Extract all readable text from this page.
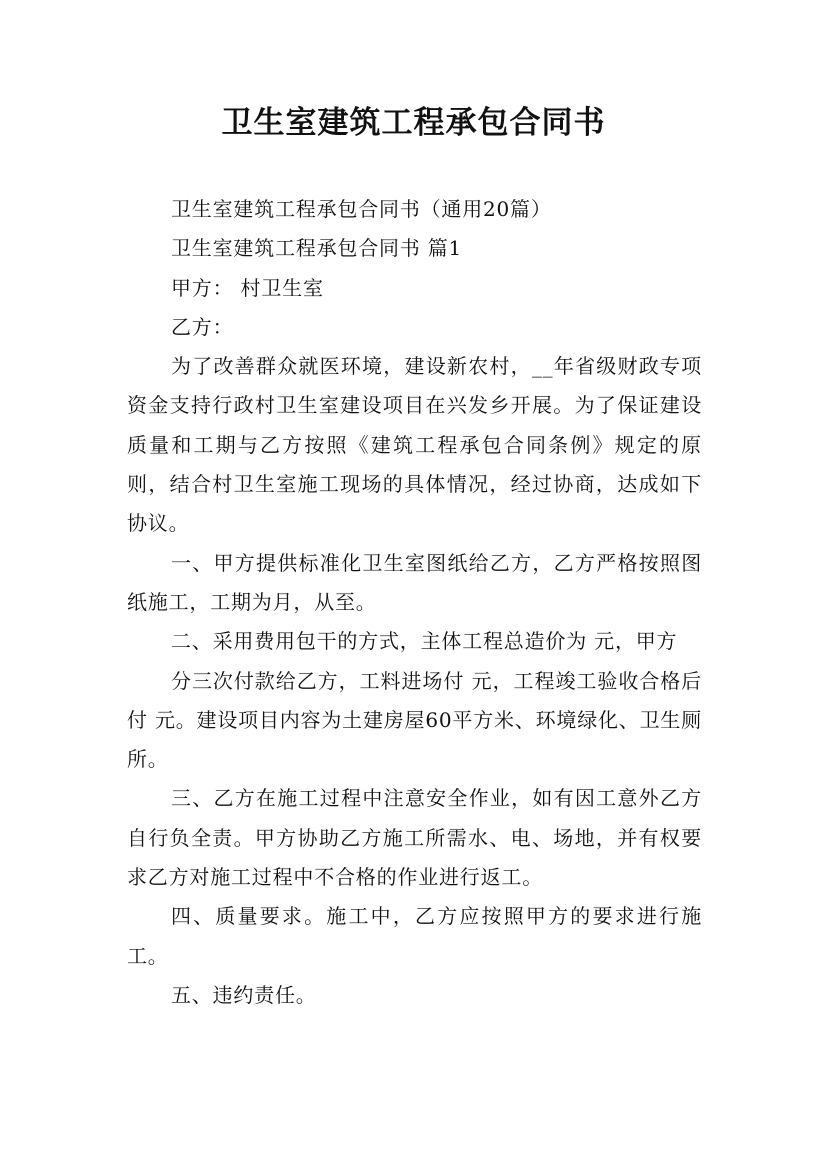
卫生室建筑工程承包合同书

卫生室建筑工程承包合同书（通用20篇）

卫生室建筑工程承包合同书 篇1

甲方： 村卫生室

乙方：

为了改善群众就医环境，建设新农村，__年省级财政专项资金支持行政村卫生室建设项目在兴发乡开展。为了保证建设质量和工期与乙方按照《建筑工程承包合同条例》规定的原则，结合村卫生室施工现场的具体情况，经过协商，达成如下协议。

一、甲方提供标准化卫生室图纸给乙方，乙方严格按照图纸施工，工期为月，从至。

二、采用费用包干的方式，主体工程总造价为 元，甲方

分三次付款给乙方，工料进场付 元，工程竣工验收合格后付 元。建设项目内容为土建房屋60平方米、环境绿化、卫生厕所。

三、乙方在施工过程中注意安全作业，如有因工意外乙方自行负全责。甲方协助乙方施工所需水、电、场地，并有权要求乙方对施工过程中不合格的作业进行返工。

四、质量要求。施工中，乙方应按照甲方的要求进行施工。

五、违约责任。
